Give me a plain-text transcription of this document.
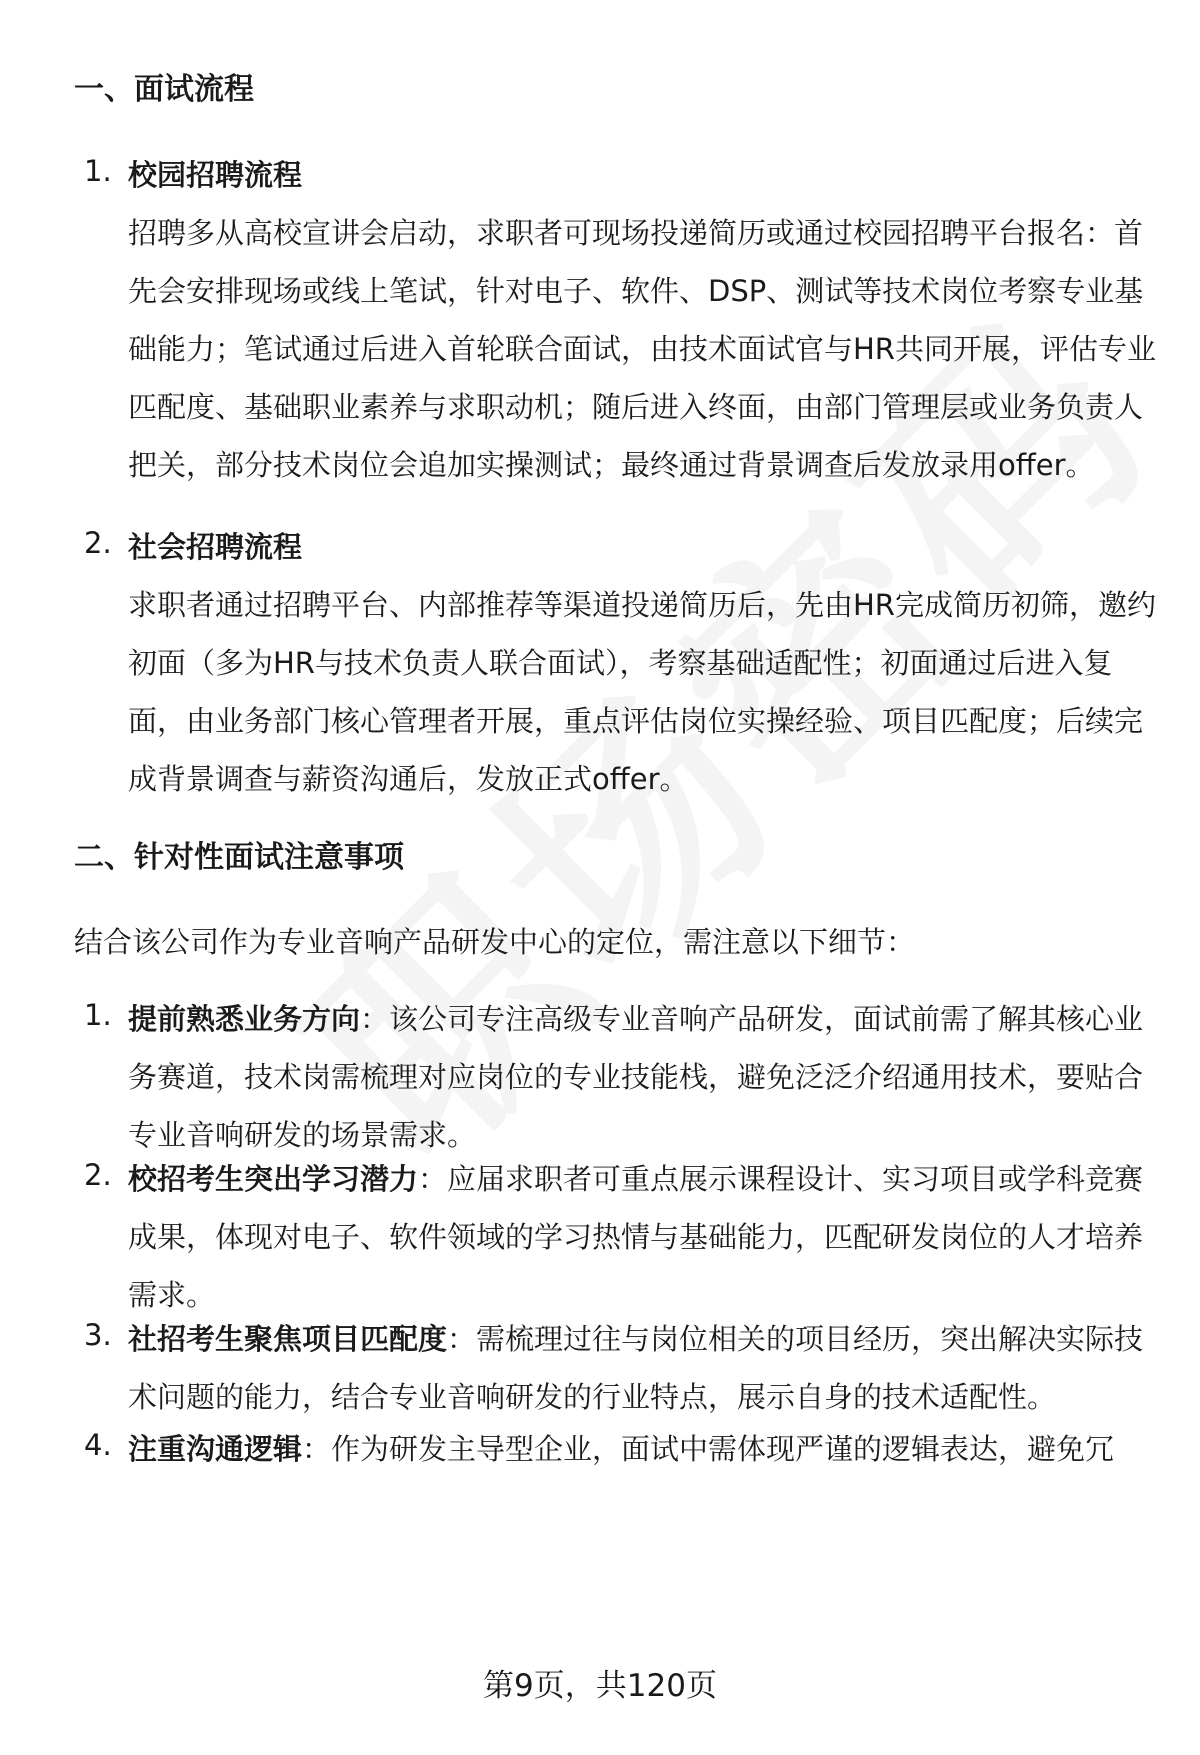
一、面试流程
1. 校园招聘流程
招聘多从高校宣讲会启动，求职者可现场投递简历或通过校园招聘平台报名：首先会安排现场或线上笔试，针对电子、软件、DSP、测试等技术岗位考察专业基础能力；笔试通过后进入首轮联合面试，由技术面试官与HR共同开展，评估专业匹配度、基础职业素养与求职动机；随后进入终面，由部门管理层或业务负责人把关，部分技术岗位会追加实操测试；最终通过背景调查后发放录用offer。
2. 社会招聘流程
求职者通过招聘平台、内部推荐等渠道投递简历后，先由HR完成简历初筛，邀约初面（多为HR与技术负责人联合面试），考察基础适配性；初面通过后进入复面，由业务部门核心管理者开展，重点评估岗位实操经验、项目匹配度；后续完成背景调查与薪资沟通后，发放正式offer。
二、针对性面试注意事项
结合该公司作为专业音响产品研发中心的定位，需注意以下细节：
1. 提前熟悉业务方向：该公司专注高级专业音响产品研发，面试前需了解其核心业务赛道，技术岗需梳理对应岗位的专业技能栈，避免泛泛介绍通用技术，要贴合专业音响研发的场景需求。
2. 校招考生突出学习潜力：应届求职者可重点展示课程设计、实习项目或学科竞赛成果，体现对电子、软件领域的学习热情与基础能力，匹配研发岗位的人才培养需求。
3. 社招考生聚焦项目匹配度：需梳理过往与岗位相关的项目经历，突出解决实际技术问题的能力，结合专业音响研发的行业特点，展示自身的技术适配性。
4. 注重沟通逻辑：作为研发主导型企业，面试中需体现严谨的逻辑表达，避免冗
第9页，共120页
